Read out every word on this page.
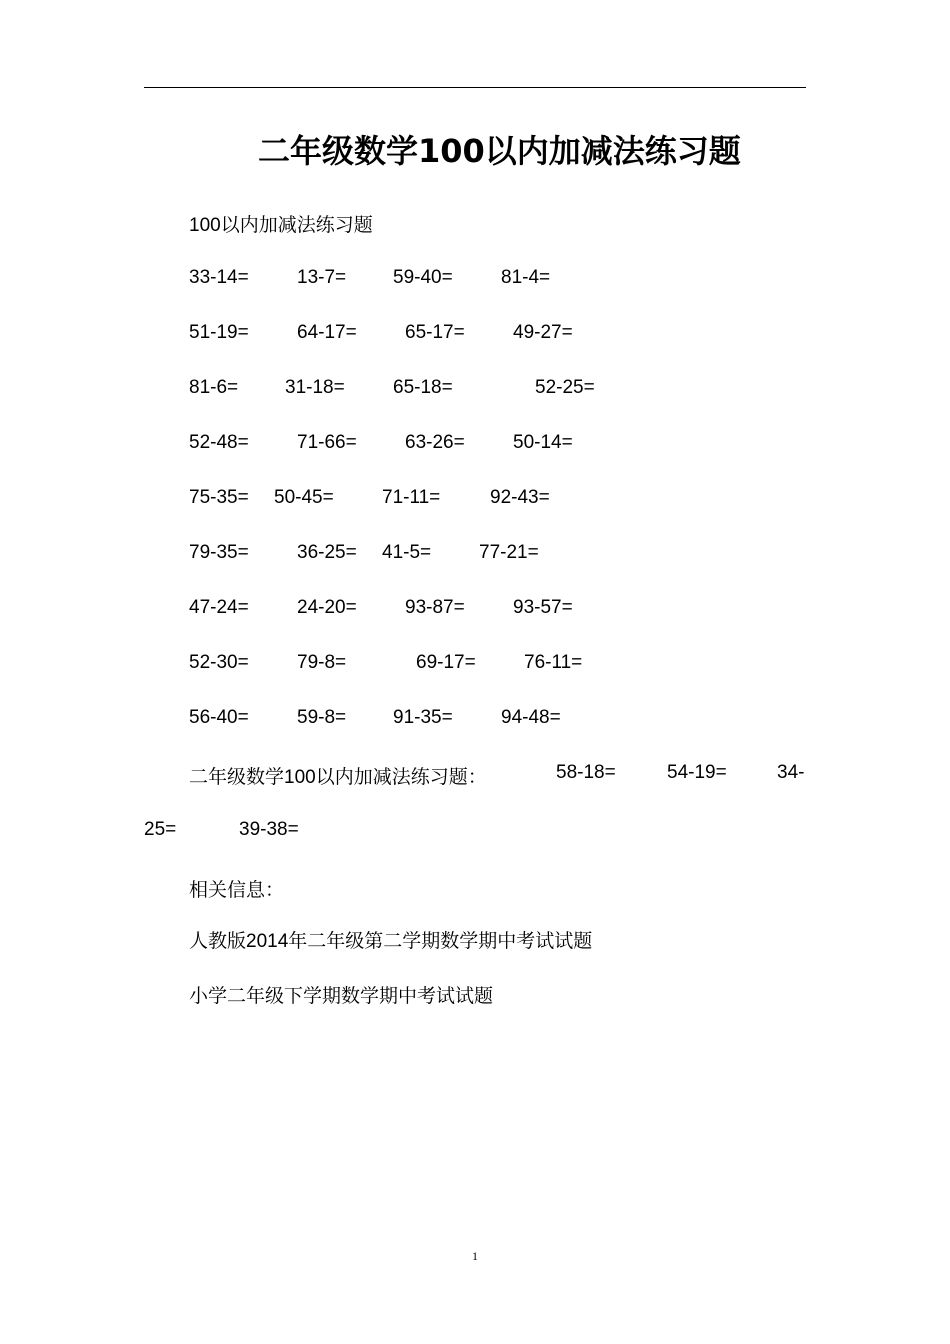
二年级数学100以内加减法练习题
100以内加减法练习题
33-14=	13-7= 59-40=	81-4=
51-19=	64-17=	65-17=	49-27=
81-6= 31-18=	65-18=	52-25=
52-48=	71-66=	63-26=	50-14=
75-35= 50-45=	71-11=	92-43=
79-35=	36-25= 41-5=	77-21=
47-24=	24-20=	93-87=	93-57=
52-30=	79-8=	69-17=	76-11=
56-40=	59-8= 91-35=	94-48=
二年级数学100以内加减法练习题：	58-18=	54-19=	34-
25=	39-38=
相关信息：
人教版2014年二年级第二学期数学期中考试试题
小学二年级下学期数学期中考试试题
1
